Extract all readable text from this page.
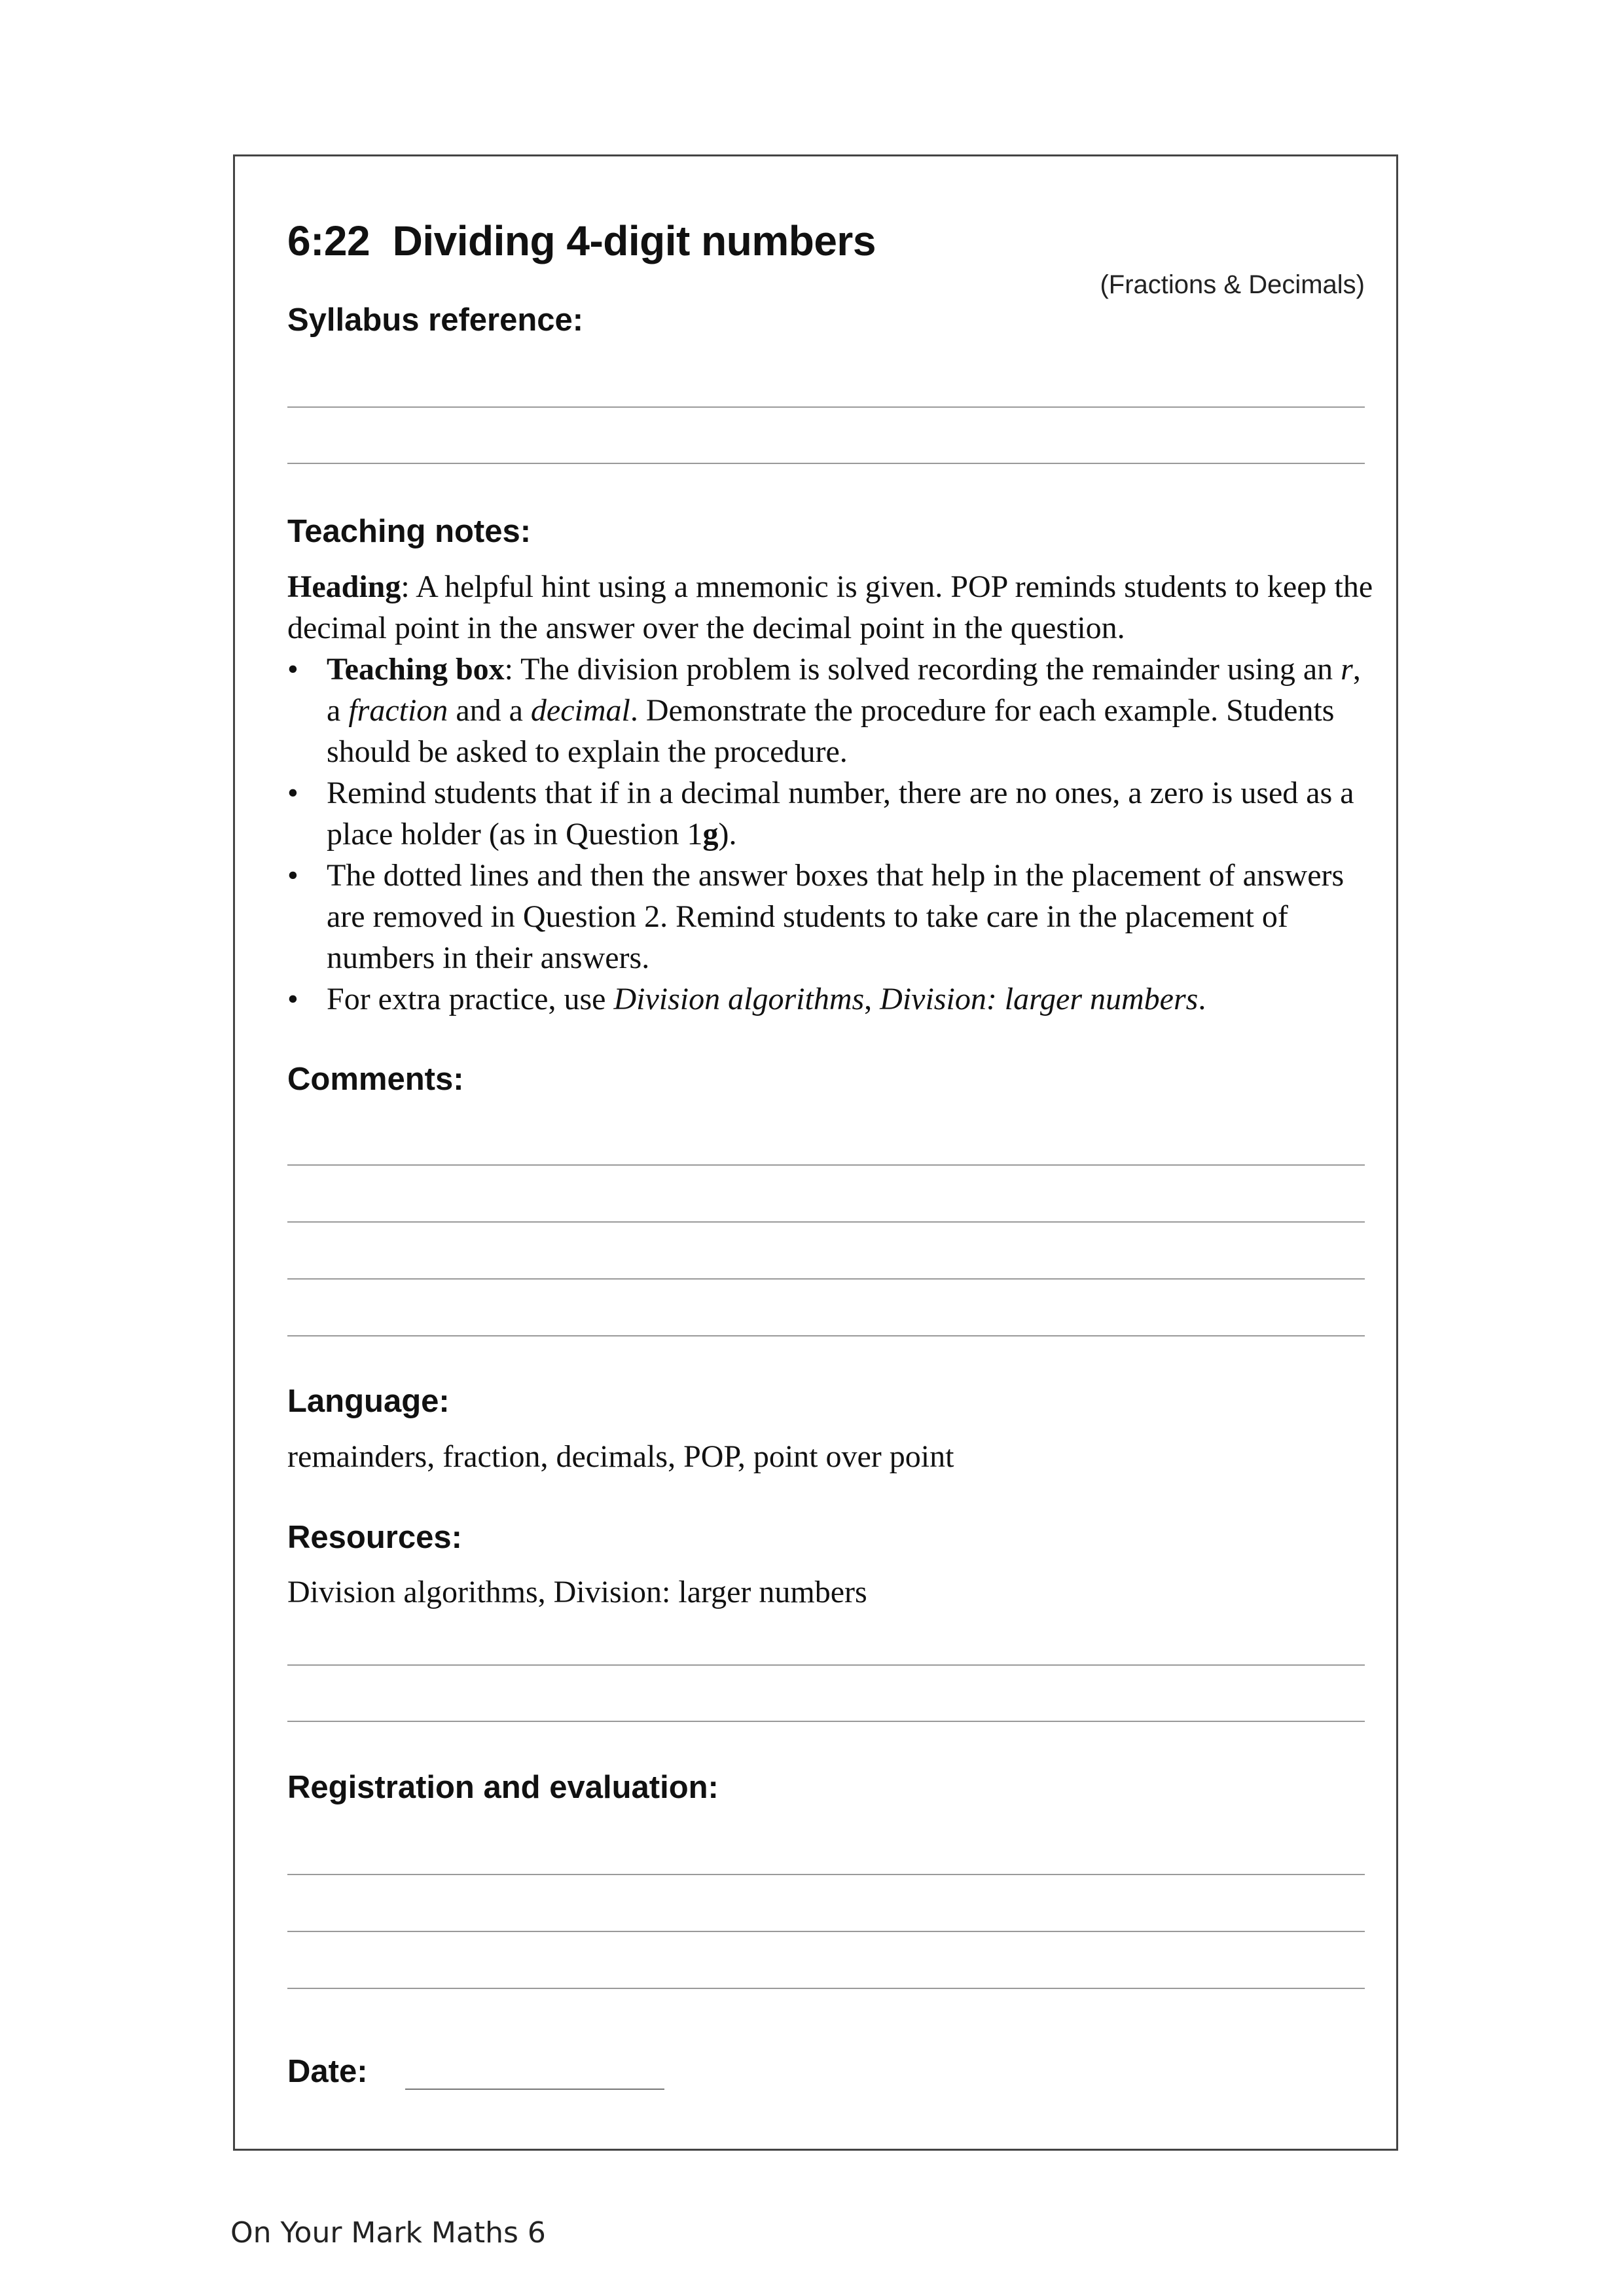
6:22  Dividing 4-digit numbers
(Fractions & Decimals)
Syllabus reference:
Teaching notes:

Heading: A helpful hint using a mnemonic is given. POP reminds students to keep the decimal point in the answer over the decimal point in the question.

• Teaching box: The division problem is solved recording the remainder using an r, a fraction and a decimal. Demonstrate the procedure for each example. Students should be asked to explain the procedure.
• Remind students that if in a decimal number, there are no ones, a zero is used as a place holder (as in Question 1g).
• The dotted lines and then the answer boxes that help in the placement of answers are removed in Question 2. Remind students to take care in the placement of numbers in their answers.
• For extra practice, use Division algorithms, Division: larger numbers.
Comments:
Language:
remainders, fraction, decimals, POP, point over point
Resources:
Division algorithms, Division: larger numbers
Registration and evaluation:
Date:
On Your Mark Maths 6
